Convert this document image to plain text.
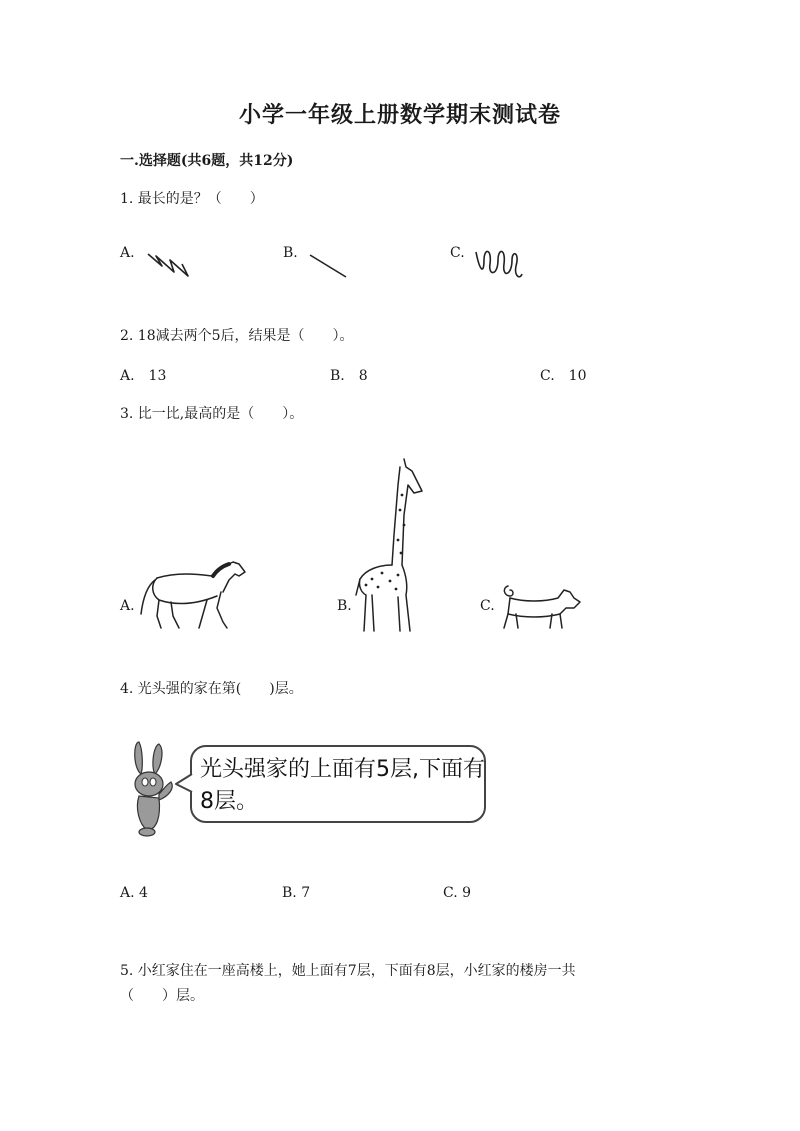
小学一年级上册数学期末测试卷
一.选择题(共6题，共12分)
1. 最长的是？（　　）
A.	B.	C.
2. 18减去两个5后，结果是（　　）。
A.　13	B.　8	C.　10
3. 比一比,最高的是（　　）。
A.	B.	C.
4. 光头强的家在第(　　)层。
光头强家的上面有5层,下面有8层。
A. 4	B. 7	C. 9
5. 小红家住在一座高楼上，她上面有7层，下面有8层，小红家的楼房一共
（　　）层。
